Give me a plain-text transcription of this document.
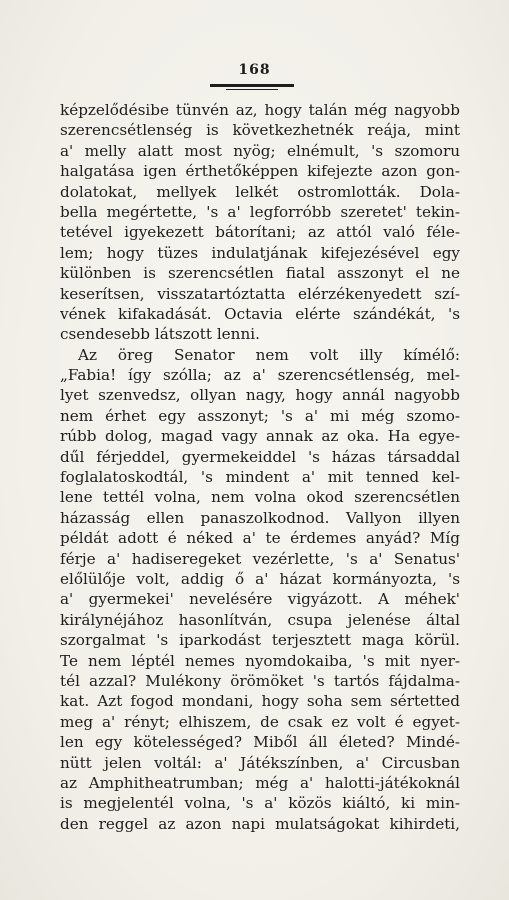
168
képzelődésibe tünvén az, hogy talán még nagyobb
szerencsétlenség is következhetnék reája, mint
a' melly alatt most nyög; elnémult, 's szomoru
halgatása igen érthetőképpen kifejezte azon gon-
dolatokat, mellyek lelkét ostromlották. Dola-
bella megértette, 's a' legforróbb szeretet' tekin-
tetével igyekezett bátorítani; az attól való féle-
lem; hogy tüzes indulatjának kifejezésével egy
különben is szerencsétlen fiatal asszonyt el ne
keserítsen, visszatartóztatta elérzékenyedett szí-
vének kifakadását. Octavia elérte szándékát, 's
csendesebb látszott lenni.
Az öreg Senator nem volt illy kímélő:
„Fabia! így szólla; az a' szerencsétlenség, mel-
lyet szenvedsz, ollyan nagy, hogy annál nagyobb
nem érhet egy asszonyt; 's a' mi még szomo-
rúbb dolog, magad vagy annak az oka. Ha egye-
dűl férjeddel, gyermekeiddel 's házas társaddal
foglalatoskodtál, 's mindent a' mit tenned kel-
lene tettél volna, nem volna okod szerencsétlen
házasság ellen panaszolkodnod. Vallyon illyen
példát adott é néked a' te érdemes anyád? Míg
férje a' hadiseregeket vezérlette, 's a' Senatus'
előlülője volt, addig ő a' házat kormányozta, 's
a' gyermekei' nevelésére vigyázott. A méhek'
királynéjához hasonlítván, csupa jelenése által
szorgalmat 's iparkodást terjesztett maga körül.
Te nem léptél nemes nyomdokaiba, 's mit nyer-
tél azzal? Mulékony örömöket 's tartós fájdalma-
kat. Azt fogod mondani, hogy soha sem sértetted
meg a' rényt; elhiszem, de csak ez volt é egyet-
len egy kötelességed? Miből áll életed? Mindé-
nütt jelen voltál: a' Játékszínben, a' Circusban
az Amphitheatrumban; még a' halotti-játékoknál
is megjelentél volna, 's a' közös kiáltó, ki min-
den reggel az azon napi mulatságokat kihirdeti,
